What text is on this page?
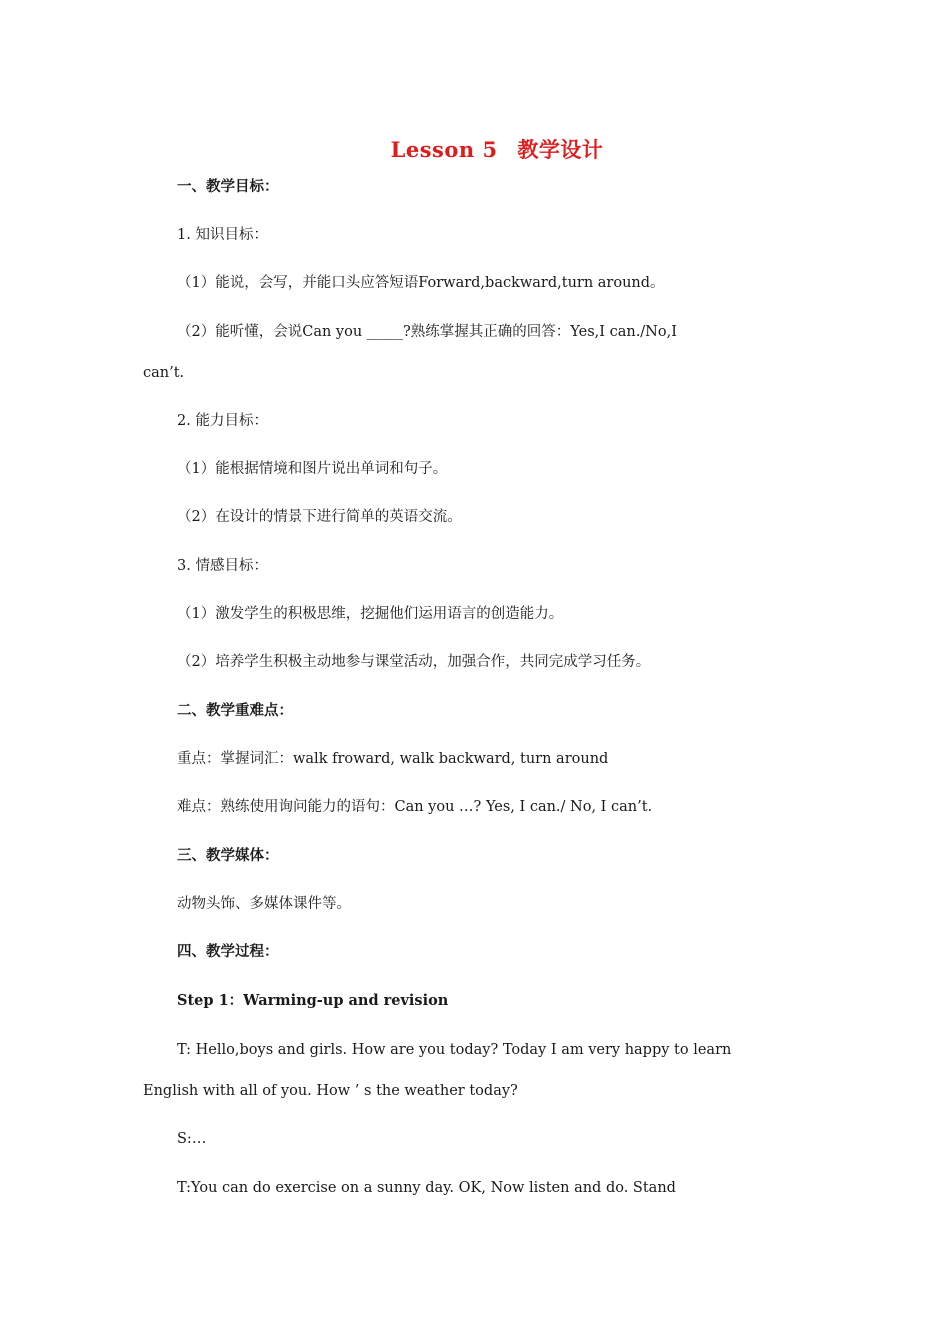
Lesson 5 教学设计
一、教学目标：
1. 知识目标：
（1）能说，会写，并能口头应答短语Forward,backward,turn around。
（2）能听懂，会说Can you _____?熟练掌握其正确的回答：Yes,I can./No,I
can’t.
2. 能力目标：
（1）能根据情境和图片说出单词和句子。
（2）在设计的情景下进行简单的英语交流。
3. 情感目标：
（1）激发学生的积极思维，挖掘他们运用语言的创造能力。
（2）培养学生积极主动地参与课堂活动，加强合作，共同完成学习任务。
二、教学重难点：
重点：掌握词汇：walk froward, walk backward, turn around
难点：熟练使用询问能力的语句：Can you …? Yes, I can./ No, I can’t.
三、教学媒体：
动物头饰、多媒体课件等。
四、教学过程：
Step 1：Warming-up and revision
T: Hello,boys and girls. How are you today? Today I am very happy to learn
English with all of you. How ’ s the weather today?
S:…
T:You can do exercise on a sunny day. OK, Now listen and do. Stand
